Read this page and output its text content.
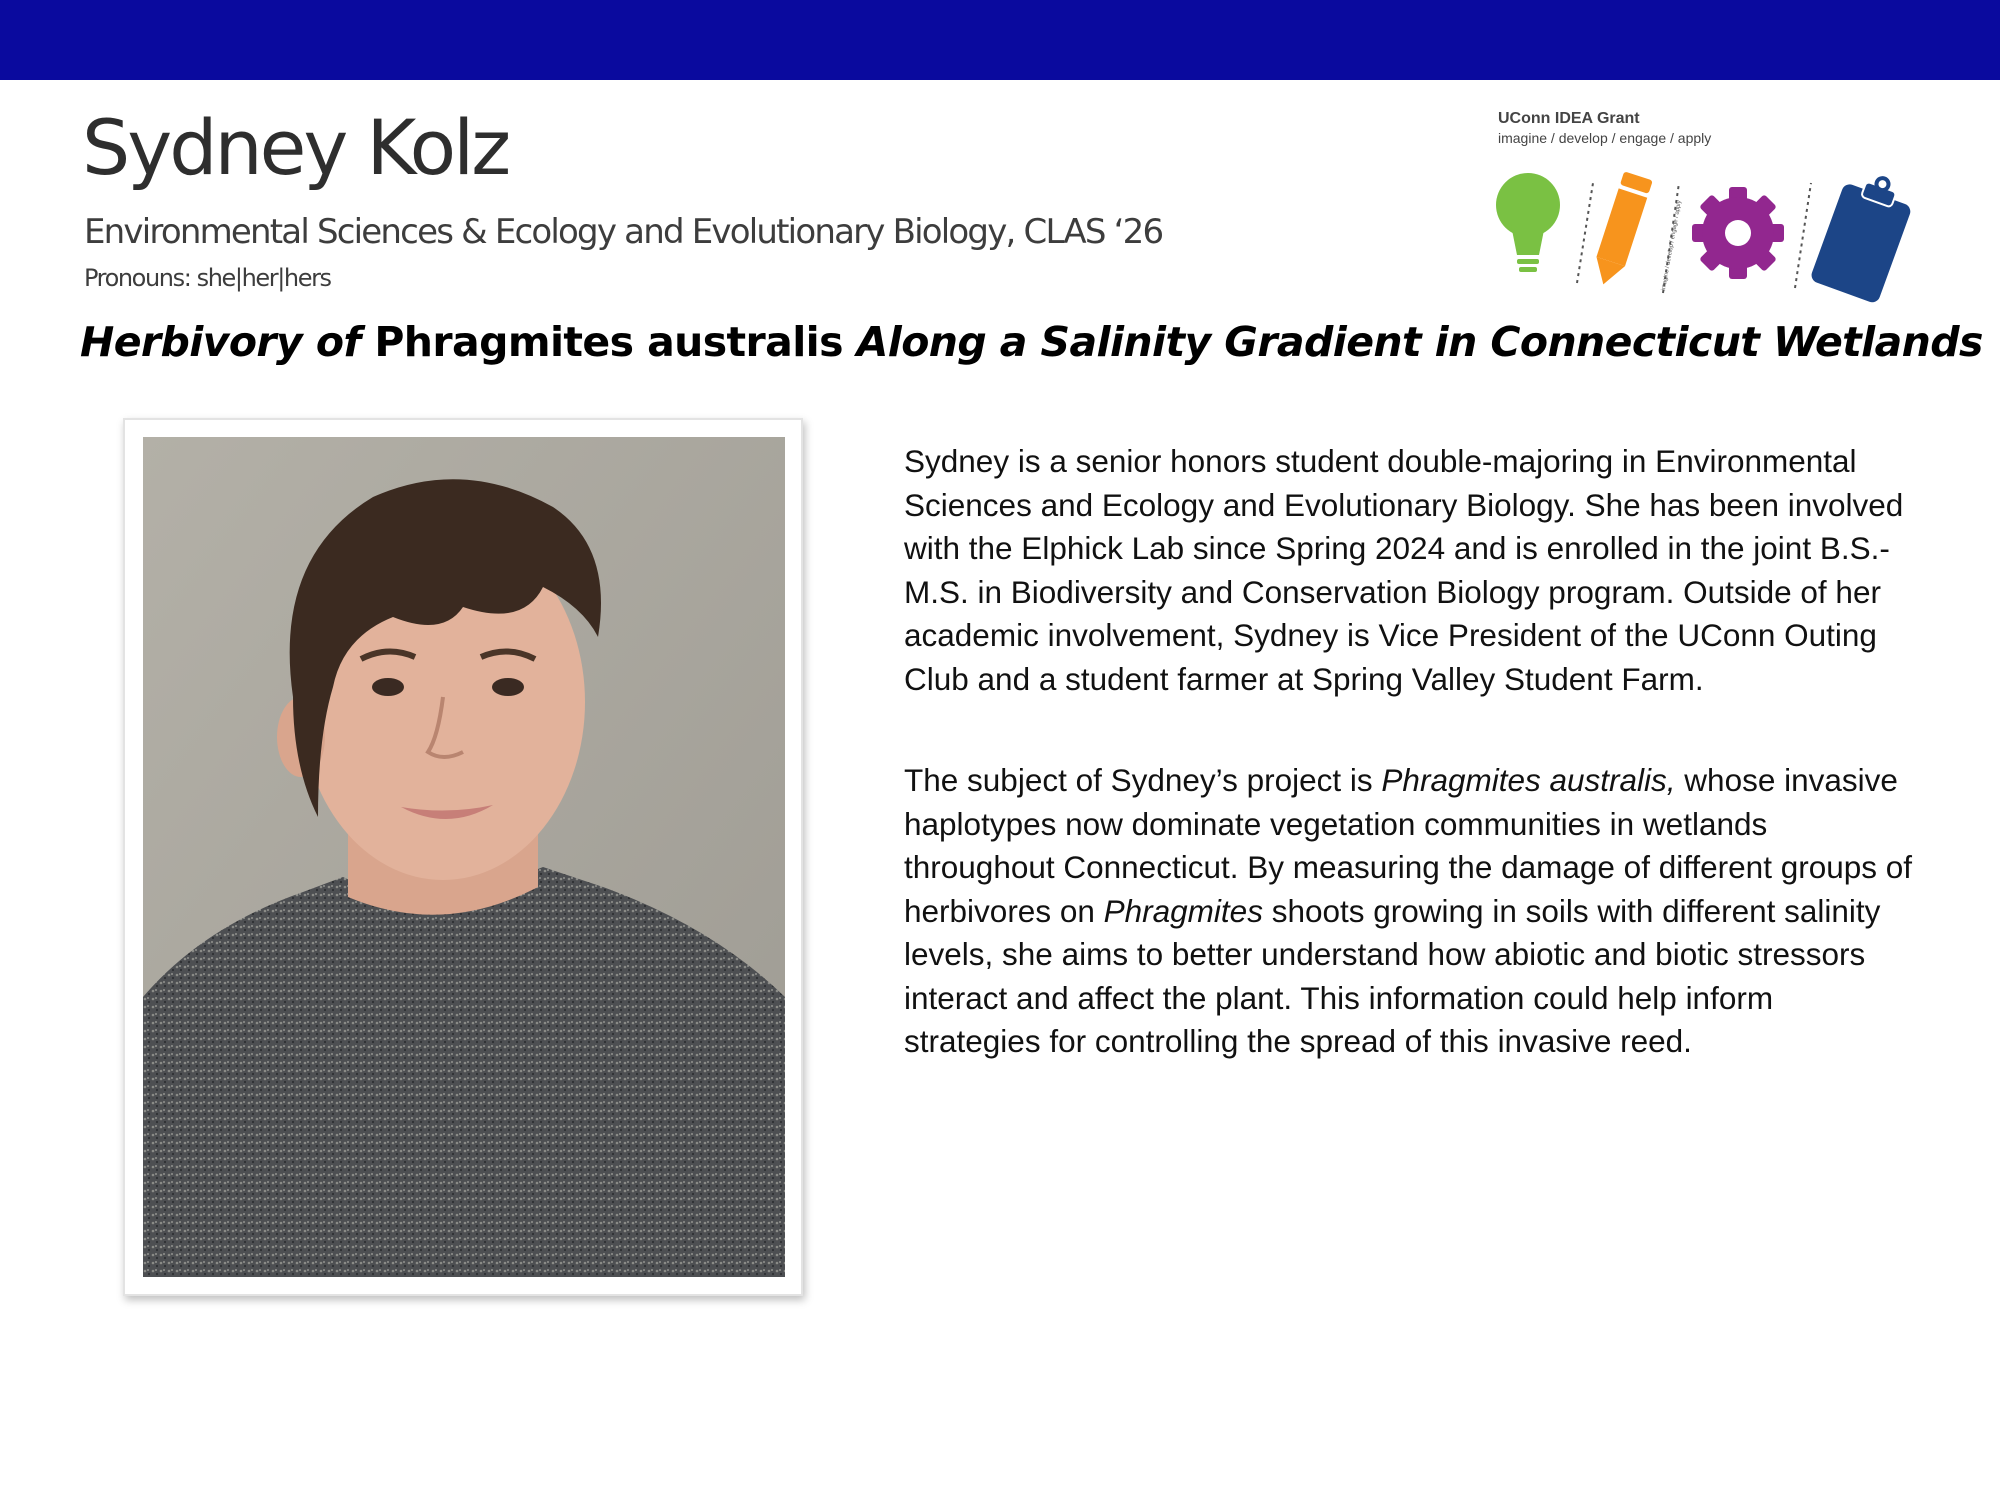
Sydney Kolz
Environmental Sciences & Ecology and Evolutionary Biology, CLAS ‘26
Pronouns: she|her|hers
Herbivory of Phragmites australis Along a Salinity Gradient in Connecticut Wetlands
UConn IDEA Grant
imagine / develop / engage / apply
imagine / develop / engage / apply

Sydney is a senior honors student double-majoring in Environmental Sciences and Ecology and Evolutionary Biology. She has been involved with the Elphick Lab since Spring 2024 and is enrolled in the joint B.S.-M.S. in Biodiversity and Conservation Biology program. Outside of her academic involvement, Sydney is Vice President of the UConn Outing Club and a student farmer at Spring Valley Student Farm.

The subject of Sydney’s project is Phragmites australis, whose invasive haplotypes now dominate vegetation communities in wetlands throughout Connecticut. By measuring the damage of different groups of herbivores on Phragmites shoots growing in soils with different salinity levels, she aims to better understand how abiotic and biotic stressors interact and affect the plant. This information could help inform strategies for controlling the spread of this invasive reed.
